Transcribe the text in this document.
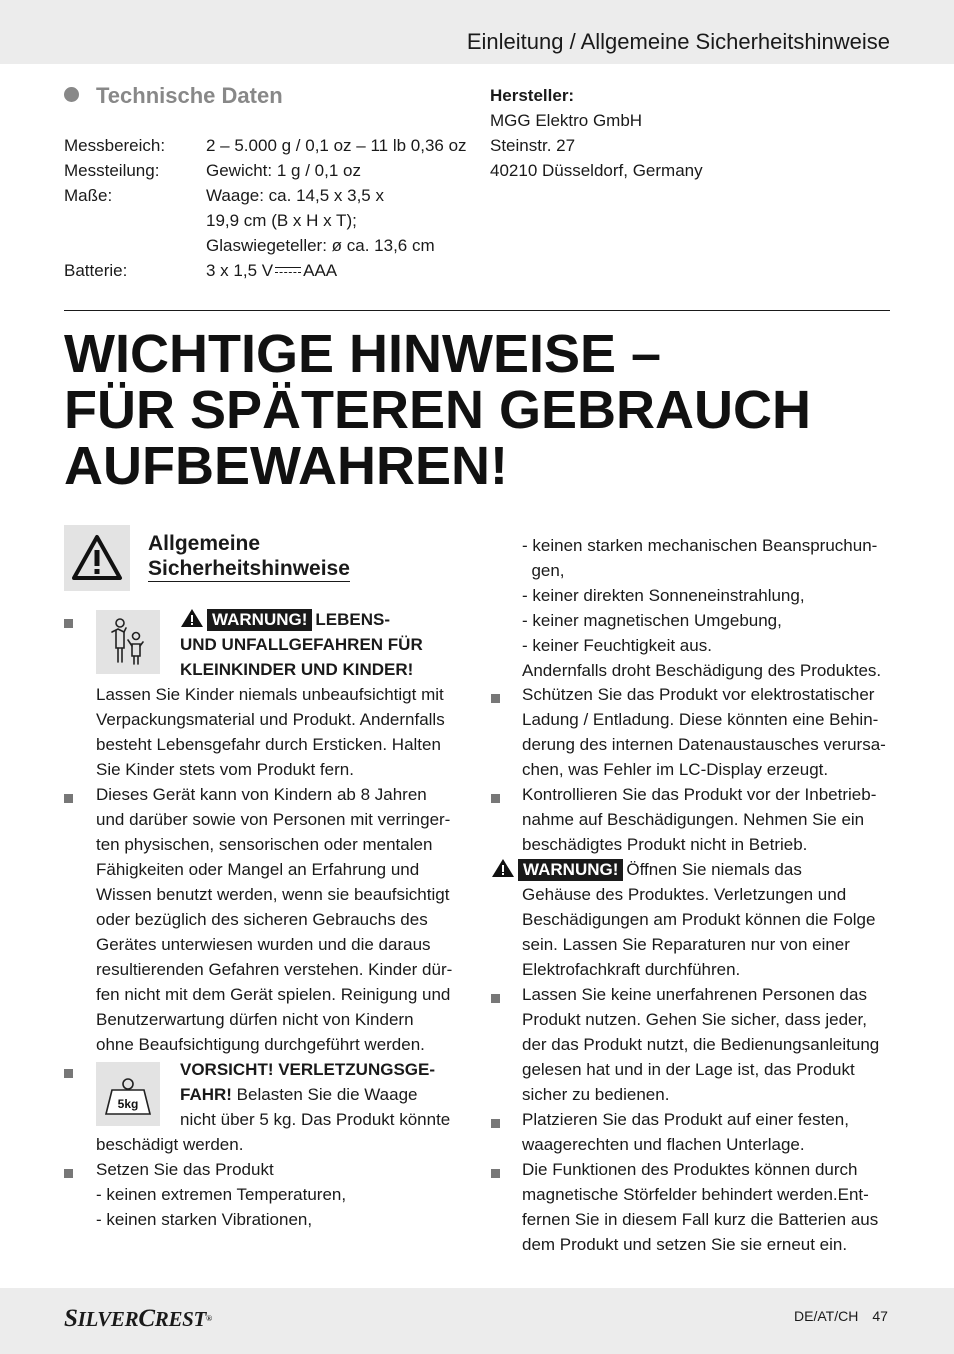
Einleitung / Allgemeine Sicherheitshinweise
Technische Daten
Messbereich:	2 – 5.000 g / 0,1 oz – 11 lb 0,36 oz
Messteilung:	Gewicht: 1 g / 0,1 oz
Maße:	Waage: ca. 14,5 x 3,5 x
19,9 cm (B x H x T);
Glaswiegeteller: ø ca. 13,6 cm
Batterie:	3 x 1,5 V AAA
Hersteller:
MGG Elektro GmbH
Steinstr. 27
40210 Düsseldorf, Germany
WICHTIGE HINWEISE –
FÜR SPÄTEREN GEBRAUCH
AUFBEWAHREN!
Allgemeine
Sicherheitshinweise
WARNUNG! LEBENS-
UND UNFALLGEFAHREN FÜR
KLEINKINDER UND KINDER!
Lassen Sie Kinder niemals unbeaufsichtigt mit
Verpackungsmaterial und Produkt. Andernfalls
besteht Lebensgefahr durch Ersticken. Halten
Sie Kinder stets vom Produkt fern.
Dieses Gerät kann von Kindern ab 8 Jahren
und darüber sowie von Personen mit verringer-
ten physischen, sensorischen oder mentalen
Fähigkeiten oder Mangel an Erfahrung und
Wissen benutzt werden, wenn sie beaufsichtigt
oder bezüglich des sicheren Gebrauchs des
Gerätes unterwiesen wurden und die daraus
resultierenden Gefahren verstehen. Kinder dür-
fen nicht mit dem Gerät spielen. Reinigung und
Benutzerwartung dürfen nicht von Kindern
ohne Beaufsichtigung durchgeführt werden.
5kg
VORSICHT! VERLETZUNGSGE-
FAHR! Belasten Sie die Waage
nicht über 5 kg. Das Produkt könnte
beschädigt werden.
Setzen Sie das Produkt
- keinen extremen Temperaturen,
- keinen starken Vibrationen,
- keinen starken mechanischen Beanspruchun-
gen,
- keiner direkten Sonneneinstrahlung,
- keiner magnetischen Umgebung,
- keiner Feuchtigkeit aus.
Andernfalls droht Beschädigung des Produktes.
Schützen Sie das Produkt vor elektrostatischer
Ladung / Entladung. Diese könnten eine Behin-
derung des internen Datenaustausches verursa-
chen, was Fehler im LC-Display erzeugt.
Kontrollieren Sie das Produkt vor der Inbetrieb-
nahme auf Beschädigungen. Nehmen Sie ein
beschädigtes Produkt nicht in Betrieb.
WARNUNG! Öffnen Sie niemals das
Gehäuse des Produktes. Verletzungen und
Beschädigungen am Produkt können die Folge
sein. Lassen Sie Reparaturen nur von einer
Elektrofachkraft durchführen.
Lassen Sie keine unerfahrenen Personen das
Produkt nutzen. Gehen Sie sicher, dass jeder,
der das Produkt nutzt, die Bedienungsanleitung
gelesen hat und in der Lage ist, das Produkt
sicher zu bedienen.
Platzieren Sie das Produkt auf einer festen,
waagerechten und flachen Unterlage.
Die Funktionen des Produktes können durch
magnetische Störfelder behindert werden.Ent-
fernen Sie in diesem Fall kurz die Batterien aus
dem Produkt und setzen Sie sie erneut ein.
SILVERCREST®	DE/AT/CH 47
